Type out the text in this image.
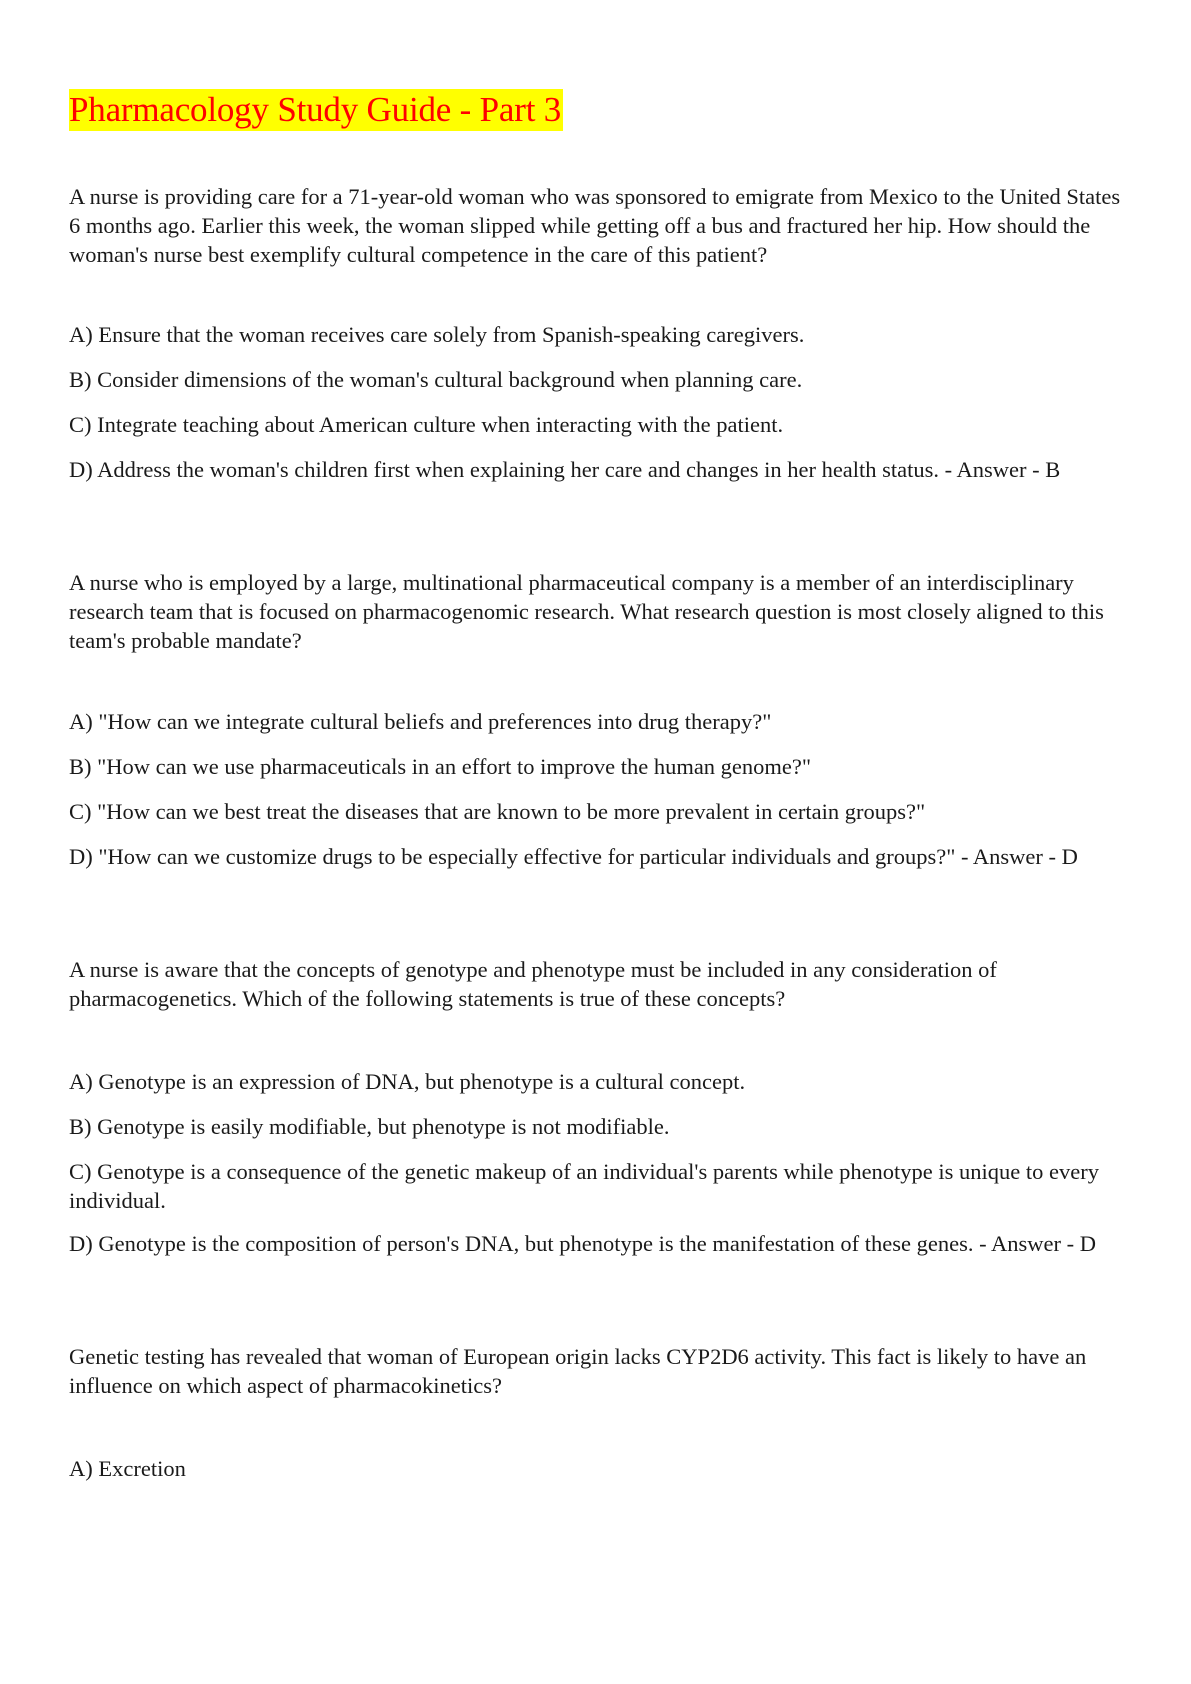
Pharmacology Study Guide - Part 3

A nurse is providing care for a 71-year-old woman who was sponsored to emigrate from Mexico to the United States 6 months ago. Earlier this week, the woman slipped while getting off a bus and fractured her hip. How should the woman's nurse best exemplify cultural competence in the care of this patient?

A) Ensure that the woman receives care solely from Spanish-speaking caregivers.

B) Consider dimensions of the woman's cultural background when planning care.

C) Integrate teaching about American culture when interacting with the patient.

D) Address the woman's children first when explaining her care and changes in her health status. - Answer - B

A nurse who is employed by a large, multinational pharmaceutical company is a member of an interdisciplinary research team that is focused on pharmacogenomic research. What research question is most closely aligned to this team's probable mandate?

A) "How can we integrate cultural beliefs and preferences into drug therapy?"

B) "How can we use pharmaceuticals in an effort to improve the human genome?"

C) "How can we best treat the diseases that are known to be more prevalent in certain groups?"

D) "How can we customize drugs to be especially effective for particular individuals and groups?" - Answer - D

A nurse is aware that the concepts of genotype and phenotype must be included in any consideration of pharmacogenetics. Which of the following statements is true of these concepts?

A) Genotype is an expression of DNA, but phenotype is a cultural concept.

B) Genotype is easily modifiable, but phenotype is not modifiable.

C) Genotype is a consequence of the genetic makeup of an individual's parents while phenotype is unique to every individual.

D) Genotype is the composition of person's DNA, but phenotype is the manifestation of these genes. - Answer - D

Genetic testing has revealed that woman of European origin lacks CYP2D6 activity. This fact is likely to have an influence on which aspect of pharmacokinetics?

A) Excretion
